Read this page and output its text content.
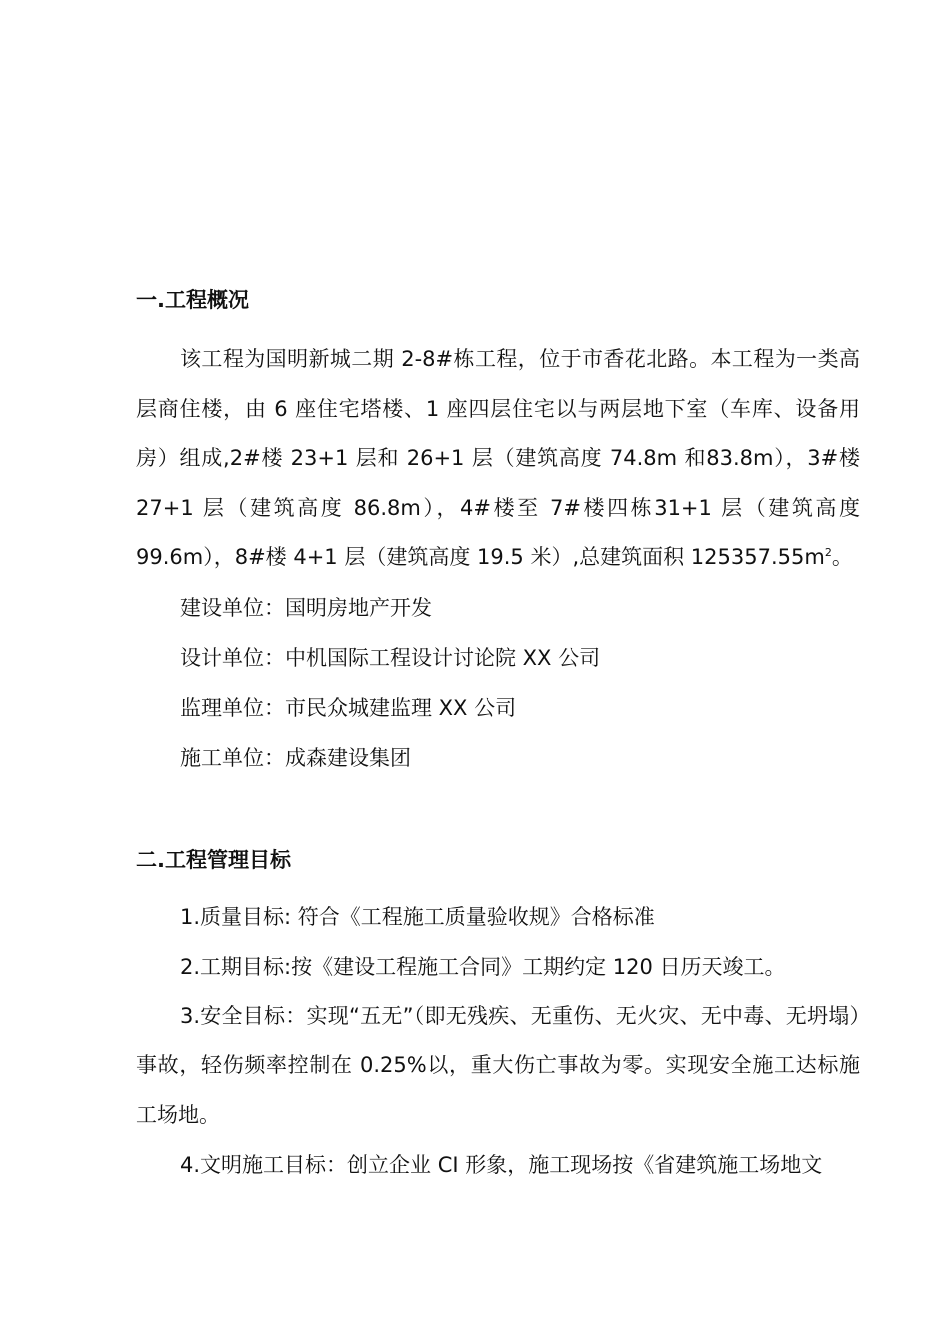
一.工程概况

该工程为国明新城二期 2-8#栋工程，位于市香花北路。本工程为一类高层商住楼，由 6 座住宅塔楼、1 座四层住宅以与两层地下室（车库、设备用房）组成,2#楼 23+1 层和 26+1 层（建筑高度 74.8m 和83.8m），3#楼 27+1 层（建筑高度 86.8m），4#楼至 7#楼四栋31+1 层（建筑高度 99.6m），8#楼 4+1 层（建筑高度 19.5 米）,总建筑面积 $125357.55m^2$。

建设单位：国明房地产开发

设计单位：中机国际工程设计讨论院 XX 公司

监理单位：市民众城建监理 XX 公司

施工单位：成森建设集团

二.工程管理目标

1.质量目标: 符合《工程施工质量验收规》合格标准

2.工期目标:按《建设工程施工合同》工期约定 120 日历天竣工。

3.安全目标：实现“五无”（即无残疾、无重伤、无火灾、无中毒、无坍塌）事故，轻伤频率控制在 0.25%以，重大伤亡事故为零。实现安全施工达标施工场地。

4.文明施工目标：创立企业 CI 形象，施工现场按《省建筑施工场地文
